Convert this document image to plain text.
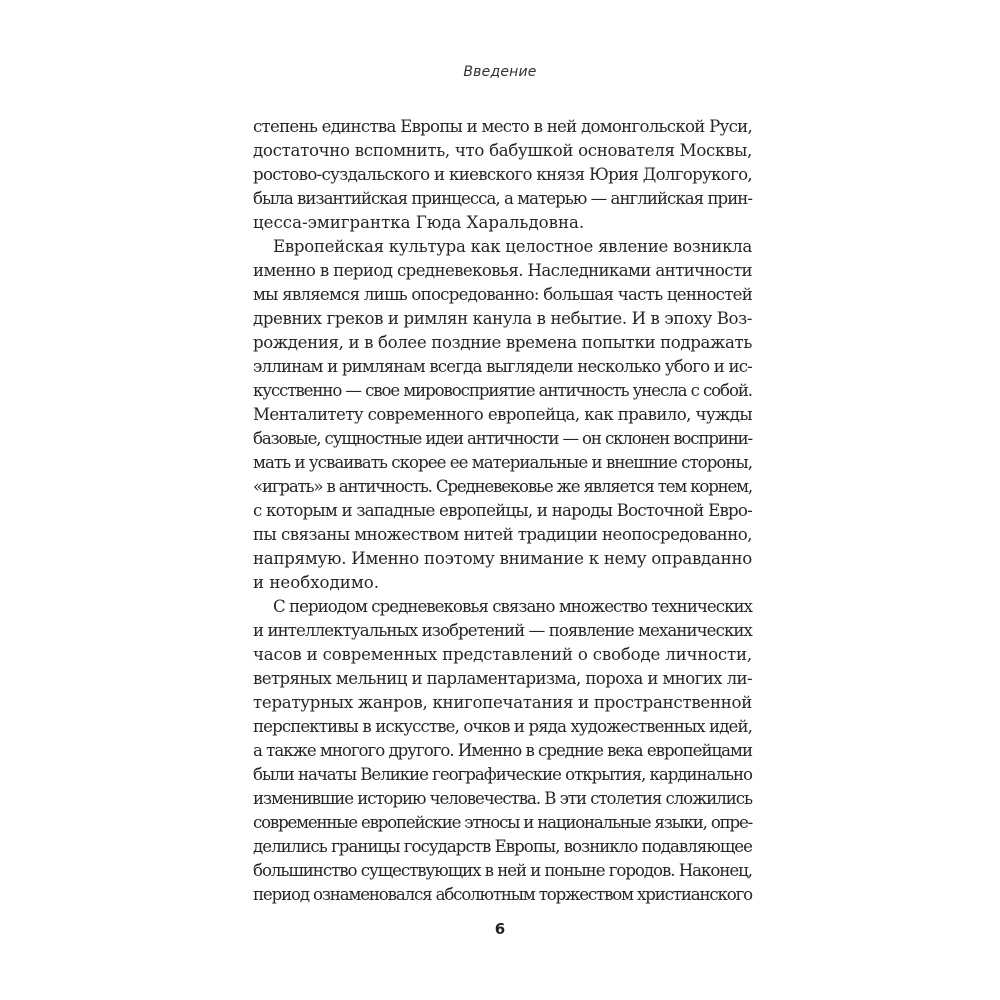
Введение
степень единства Европы и место в ней домонгольской Руси,
достаточно вспомнить, что бабушкой основателя Москвы,
ростово-суздальского и киевского князя Юрия Долгорукого,
была византийская принцесса, а матерью — английская прин-
цесса-эмигрантка Гюда Харальдовна.
Европейская культура как целостное явление возникла
именно в период средневековья. Наследниками античности
мы являемся лишь опосредованно: большая часть ценностей
древних греков и римлян канула в небытие. И в эпоху Воз-
рождения, и в более поздние времена попытки подражать
эллинам и римлянам всегда выглядели несколько убого и ис-
кусственно — свое мировосприятие античность унесла с собой.
Менталитету современного европейца, как правило, чужды
базовые, сущностные идеи античности — он склонен восприни-
мать и усваивать скорее ее материальные и внешние стороны,
«играть» в античность. Средневековье же является тем корнем,
с которым и западные европейцы, и народы Восточной Евро-
пы связаны множеством нитей традиции неопосредованно,
напрямую. Именно поэтому внимание к нему оправданно
и необходимо.
С периодом средневековья связано множество технических
и интеллектуальных изобретений — появление механических
часов и современных представлений о свободе личности,
ветряных мельниц и парламентаризма, пороха и многих ли-
тературных жанров, книгопечатания и пространственной
перспективы в искусстве, очков и ряда художественных идей,
а также многого другого. Именно в средние века европейцами
были начаты Великие географические открытия, кардинально
изменившие историю человечества. В эти столетия сложились
современные европейские этносы и национальные языки, опре-
делились границы государств Европы, возникло подавляющее
большинство существующих в ней и поныне городов. Наконец,
период ознаменовался абсолютным торжеством христианского
6
